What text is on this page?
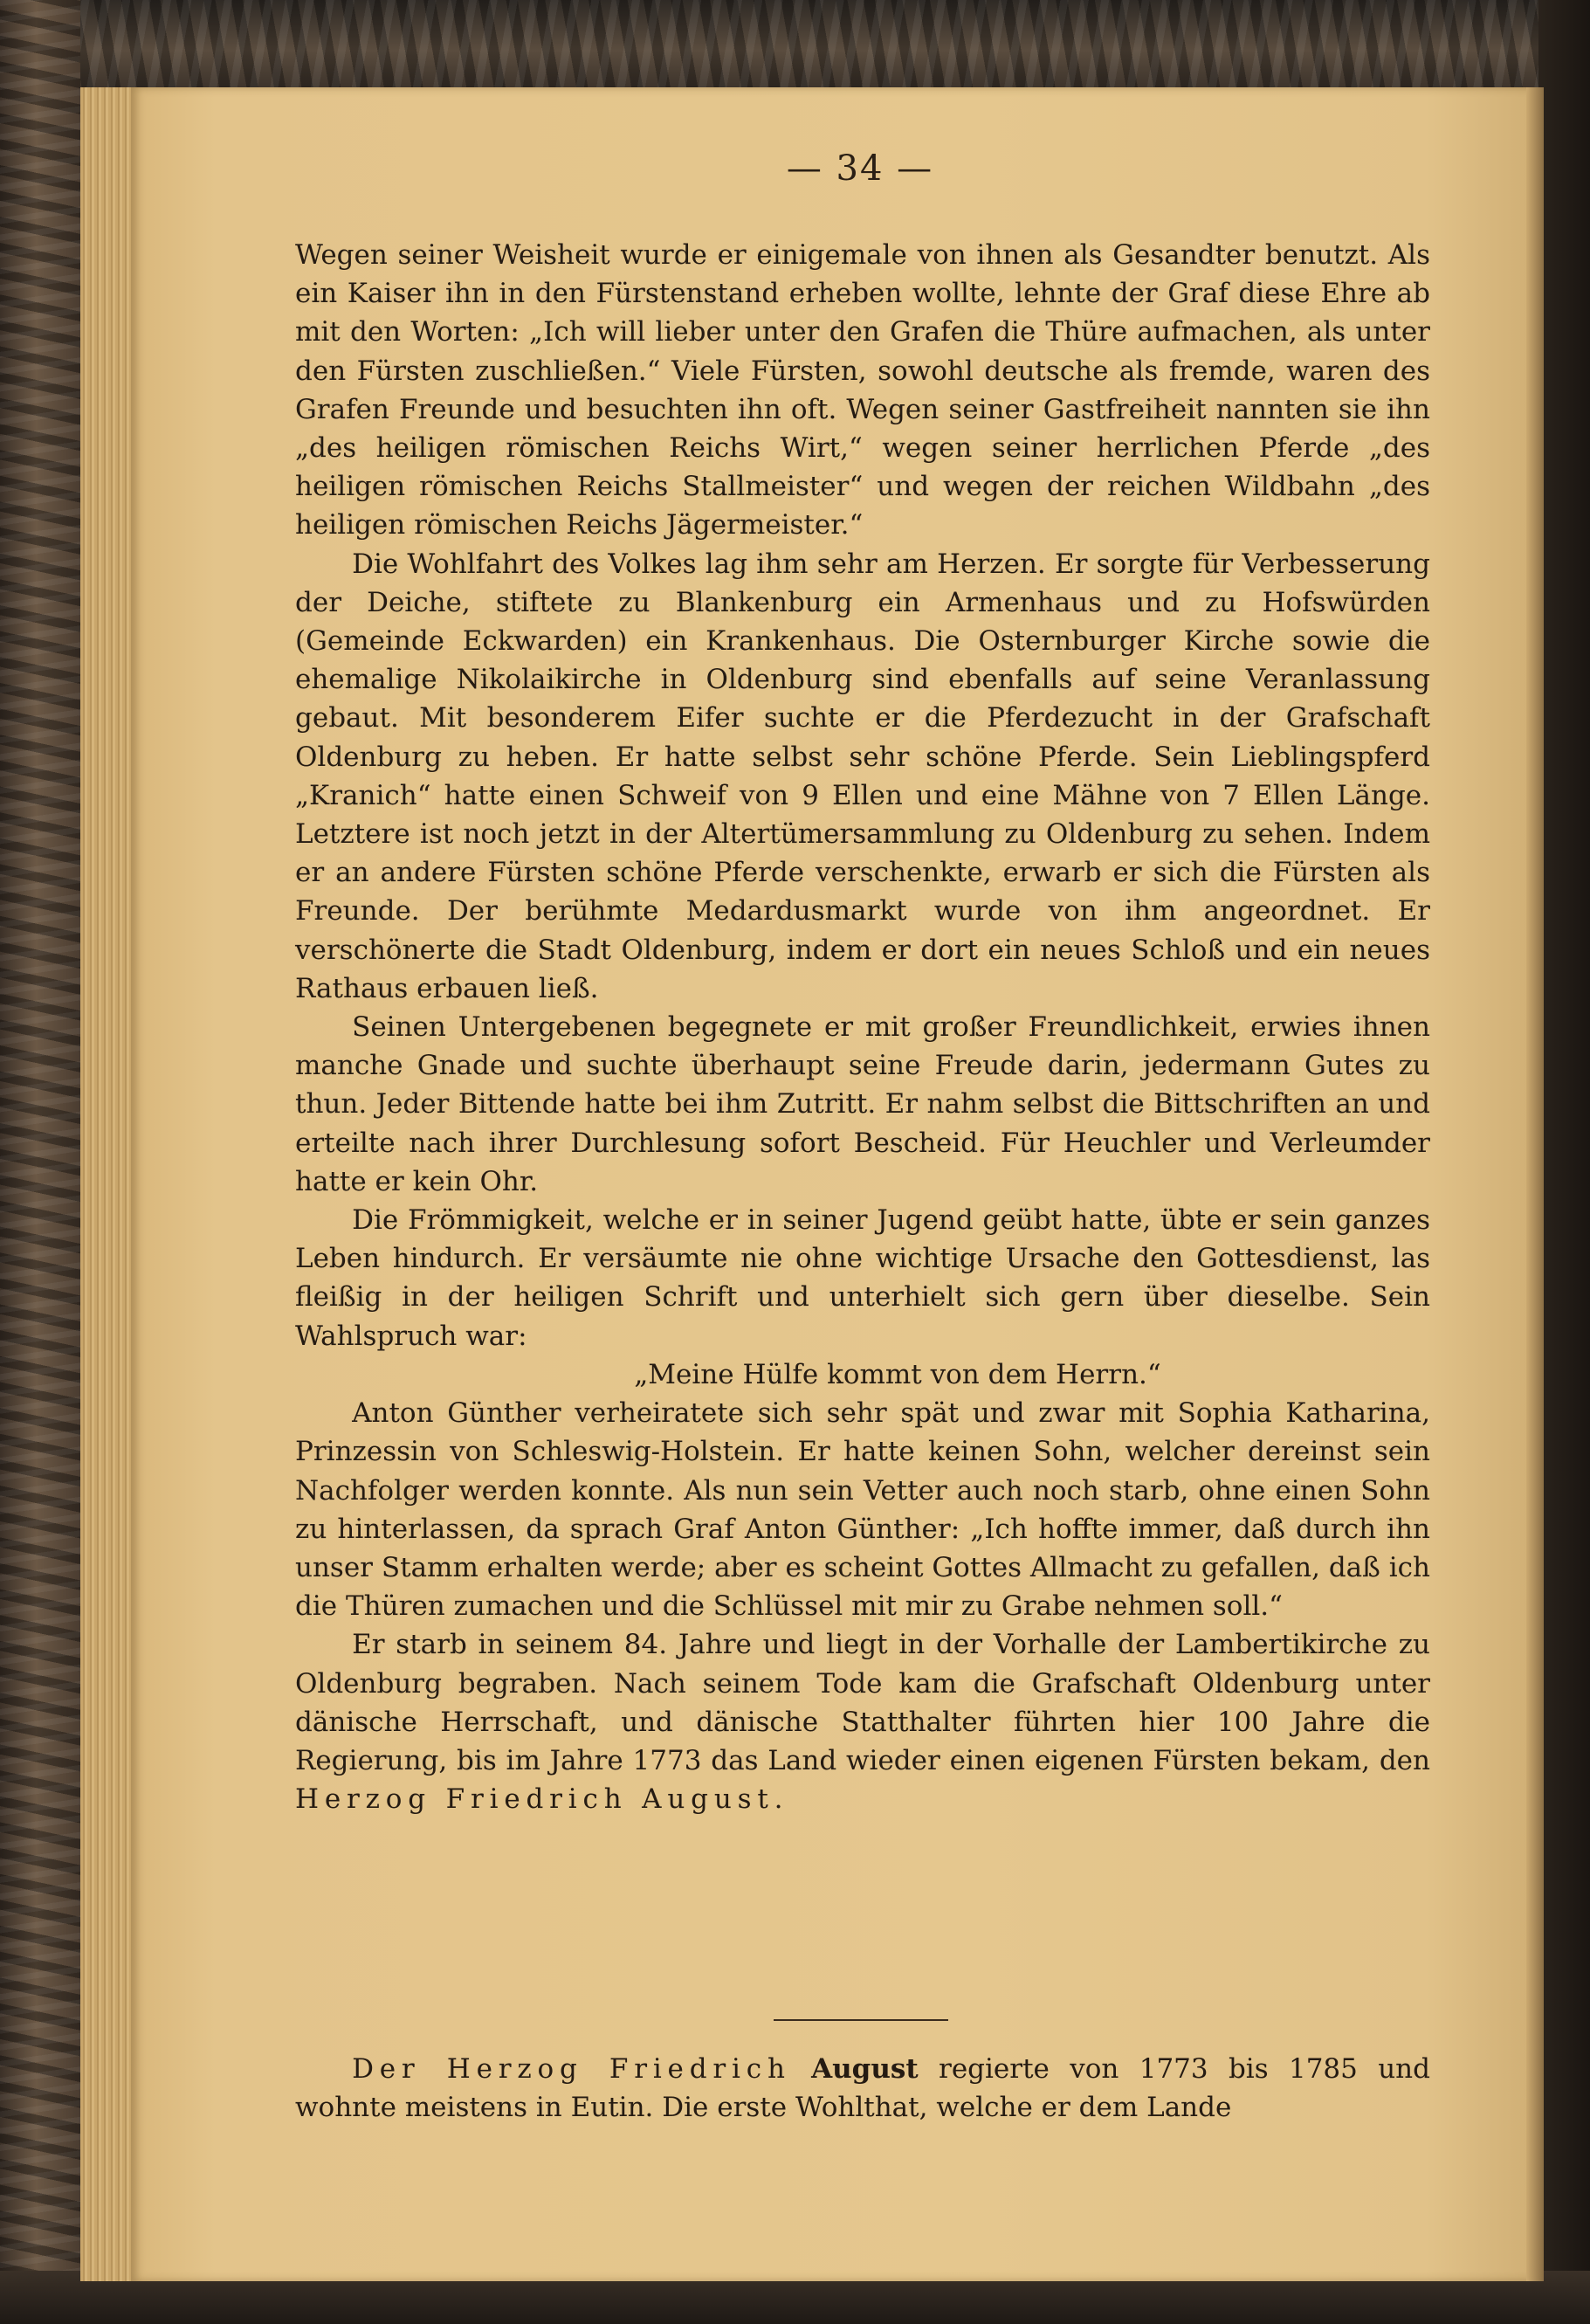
— 34 —

Wegen seiner Weisheit wurde er einigemale von ihnen als Gesandter benutzt. Als ein Kaiser ihn in den Fürstenstand erheben wollte, lehnte der Graf diese Ehre ab mit den Worten: „Ich will lieber unter den Grafen die Thüre aufmachen, als unter den Fürsten zuschließen.“ Viele Fürsten, sowohl deutsche als fremde, waren des Grafen Freunde und besuchten ihn oft. Wegen seiner Gastfreiheit nannten sie ihn „des heiligen römischen Reichs Wirt,“ wegen seiner herrlichen Pferde „des heiligen römischen Reichs Stallmeister“ und wegen der reichen Wildbahn „des heiligen römischen Reichs Jägermeister.“

Die Wohlfahrt des Volkes lag ihm sehr am Herzen. Er sorgte für Verbesserung der Deiche, stiftete zu Blankenburg ein Armenhaus und zu Hofswürden (Gemeinde Eckwarden) ein Krankenhaus. Die Osternburger Kirche sowie die ehemalige Nikolaikirche in Oldenburg sind ebenfalls auf seine Veranlassung gebaut. Mit besonderem Eifer suchte er die Pferdezucht in der Grafschaft Oldenburg zu heben. Er hatte selbst sehr schöne Pferde. Sein Lieblingspferd „Kranich“ hatte einen Schweif von 9 Ellen und eine Mähne von 7 Ellen Länge. Letztere ist noch jetzt in der Altertümersammlung zu Oldenburg zu sehen. Indem er an andere Fürsten schöne Pferde verschenkte, erwarb er sich die Fürsten als Freunde. Der berühmte Medardusmarkt wurde von ihm angeordnet. Er verschönerte die Stadt Oldenburg, indem er dort ein neues Schloß und ein neues Rathaus erbauen ließ.

Seinen Untergebenen begegnete er mit großer Freundlichkeit, erwies ihnen manche Gnade und suchte überhaupt seine Freude darin, jedermann Gutes zu thun. Jeder Bittende hatte bei ihm Zutritt. Er nahm selbst die Bittschriften an und erteilte nach ihrer Durchlesung sofort Bescheid. Für Heuchler und Verleumder hatte er kein Ohr.

Die Frömmigkeit, welche er in seiner Jugend geübt hatte, übte er sein ganzes Leben hindurch. Er versäumte nie ohne wichtige Ursache den Gottesdienst, las fleißig in der heiligen Schrift und unterhielt sich gern über dieselbe. Sein Wahlspruch war:

„Meine Hülfe kommt von dem Herrn.“

Anton Günther verheiratete sich sehr spät und zwar mit Sophia Katharina, Prinzessin von Schleswig-Holstein. Er hatte keinen Sohn, welcher dereinst sein Nachfolger werden konnte. Als nun sein Vetter auch noch starb, ohne einen Sohn zu hinterlassen, da sprach Graf Anton Günther: „Ich hoffte immer, daß durch ihn unser Stamm erhalten werde; aber es scheint Gottes Allmacht zu gefallen, daß ich die Thüren zumachen und die Schlüssel mit mir zu Grabe nehmen soll.“

Er starb in seinem 84. Jahre und liegt in der Vorhalle der Lambertikirche zu Oldenburg begraben. Nach seinem Tode kam die Grafschaft Oldenburg unter dänische Herrschaft, und dänische Statthalter führten hier 100 Jahre die Regierung, bis im Jahre 1773 das Land wieder einen eigenen Fürsten bekam, den Herzog Friedrich August.

Der Herzog Friedrich August regierte von 1773 bis 1785 und wohnte meistens in Eutin. Die erste Wohlthat, welche er dem Lande
